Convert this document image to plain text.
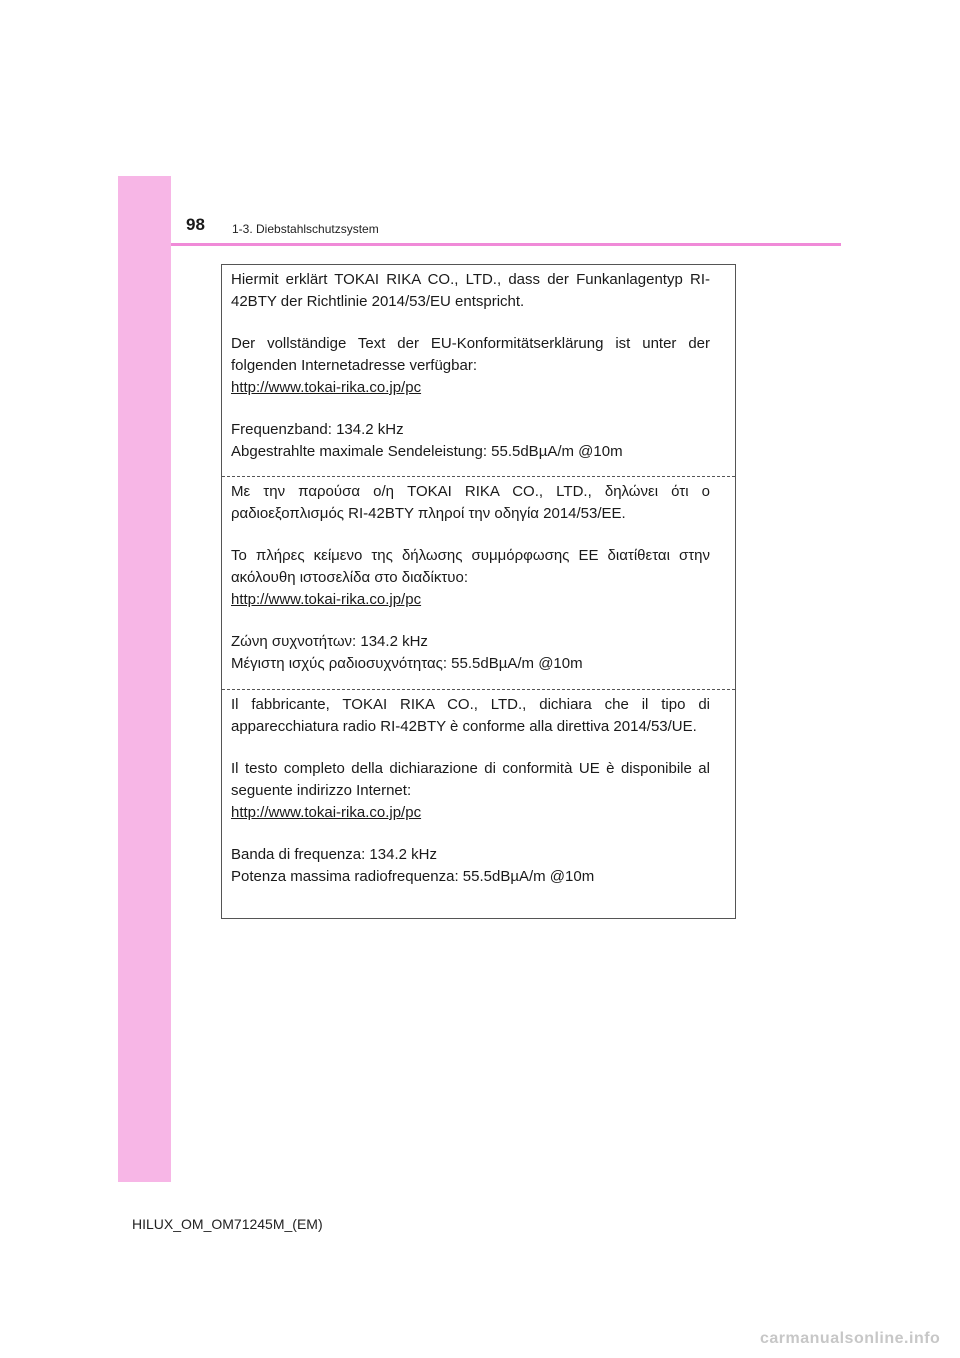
98 1-3. Diebstahlschutzsystem

Hiermit erklärt TOKAI RIKA CO., LTD., dass der Funkanlagentyp RI-42BTY der Richtlinie 2014/53/EU entspricht.

Der vollständige Text der EU-Konformitätserklärung ist unter der folgenden Internetadresse verfügbar:

http://www.tokai-rika.co.jp/pc

Frequenzband: 134.2 kHz

Abgestrahlte maximale Sendeleistung: 55.5dBµA/m @10m

Με την παρούσα ο/η TOKAI RIKA CO., LTD., δηλώνει ότι ο ραδιοεξοπλισμός RI-42BTY πληροί την οδηγία 2014/53/ΕΕ.

Το πλήρες κείμενο της δήλωσης συμμόρφωσης ΕΕ διατίθεται στην ακόλουθη ιστοσελίδα στο διαδίκτυο:

http://www.tokai-rika.co.jp/pc

Ζώνη συχνοτήτων: 134.2 kHz

Μέγιστη ισχύς ραδιοσυχνότητας: 55.5dBµA/m @10m

Il fabbricante, TOKAI RIKA CO., LTD., dichiara che il tipo di apparecchiatura radio RI-42BTY è conforme alla direttiva 2014/53/UE.

Il testo completo della dichiarazione di conformità UE è disponibile al seguente indirizzo Internet:

http://www.tokai-rika.co.jp/pc

Banda di frequenza: 134.2 kHz

Potenza massima radiofrequenza: 55.5dBµA/m @10m

HILUX_OM_OM71245M_(EM)
carmanualsonline.info
